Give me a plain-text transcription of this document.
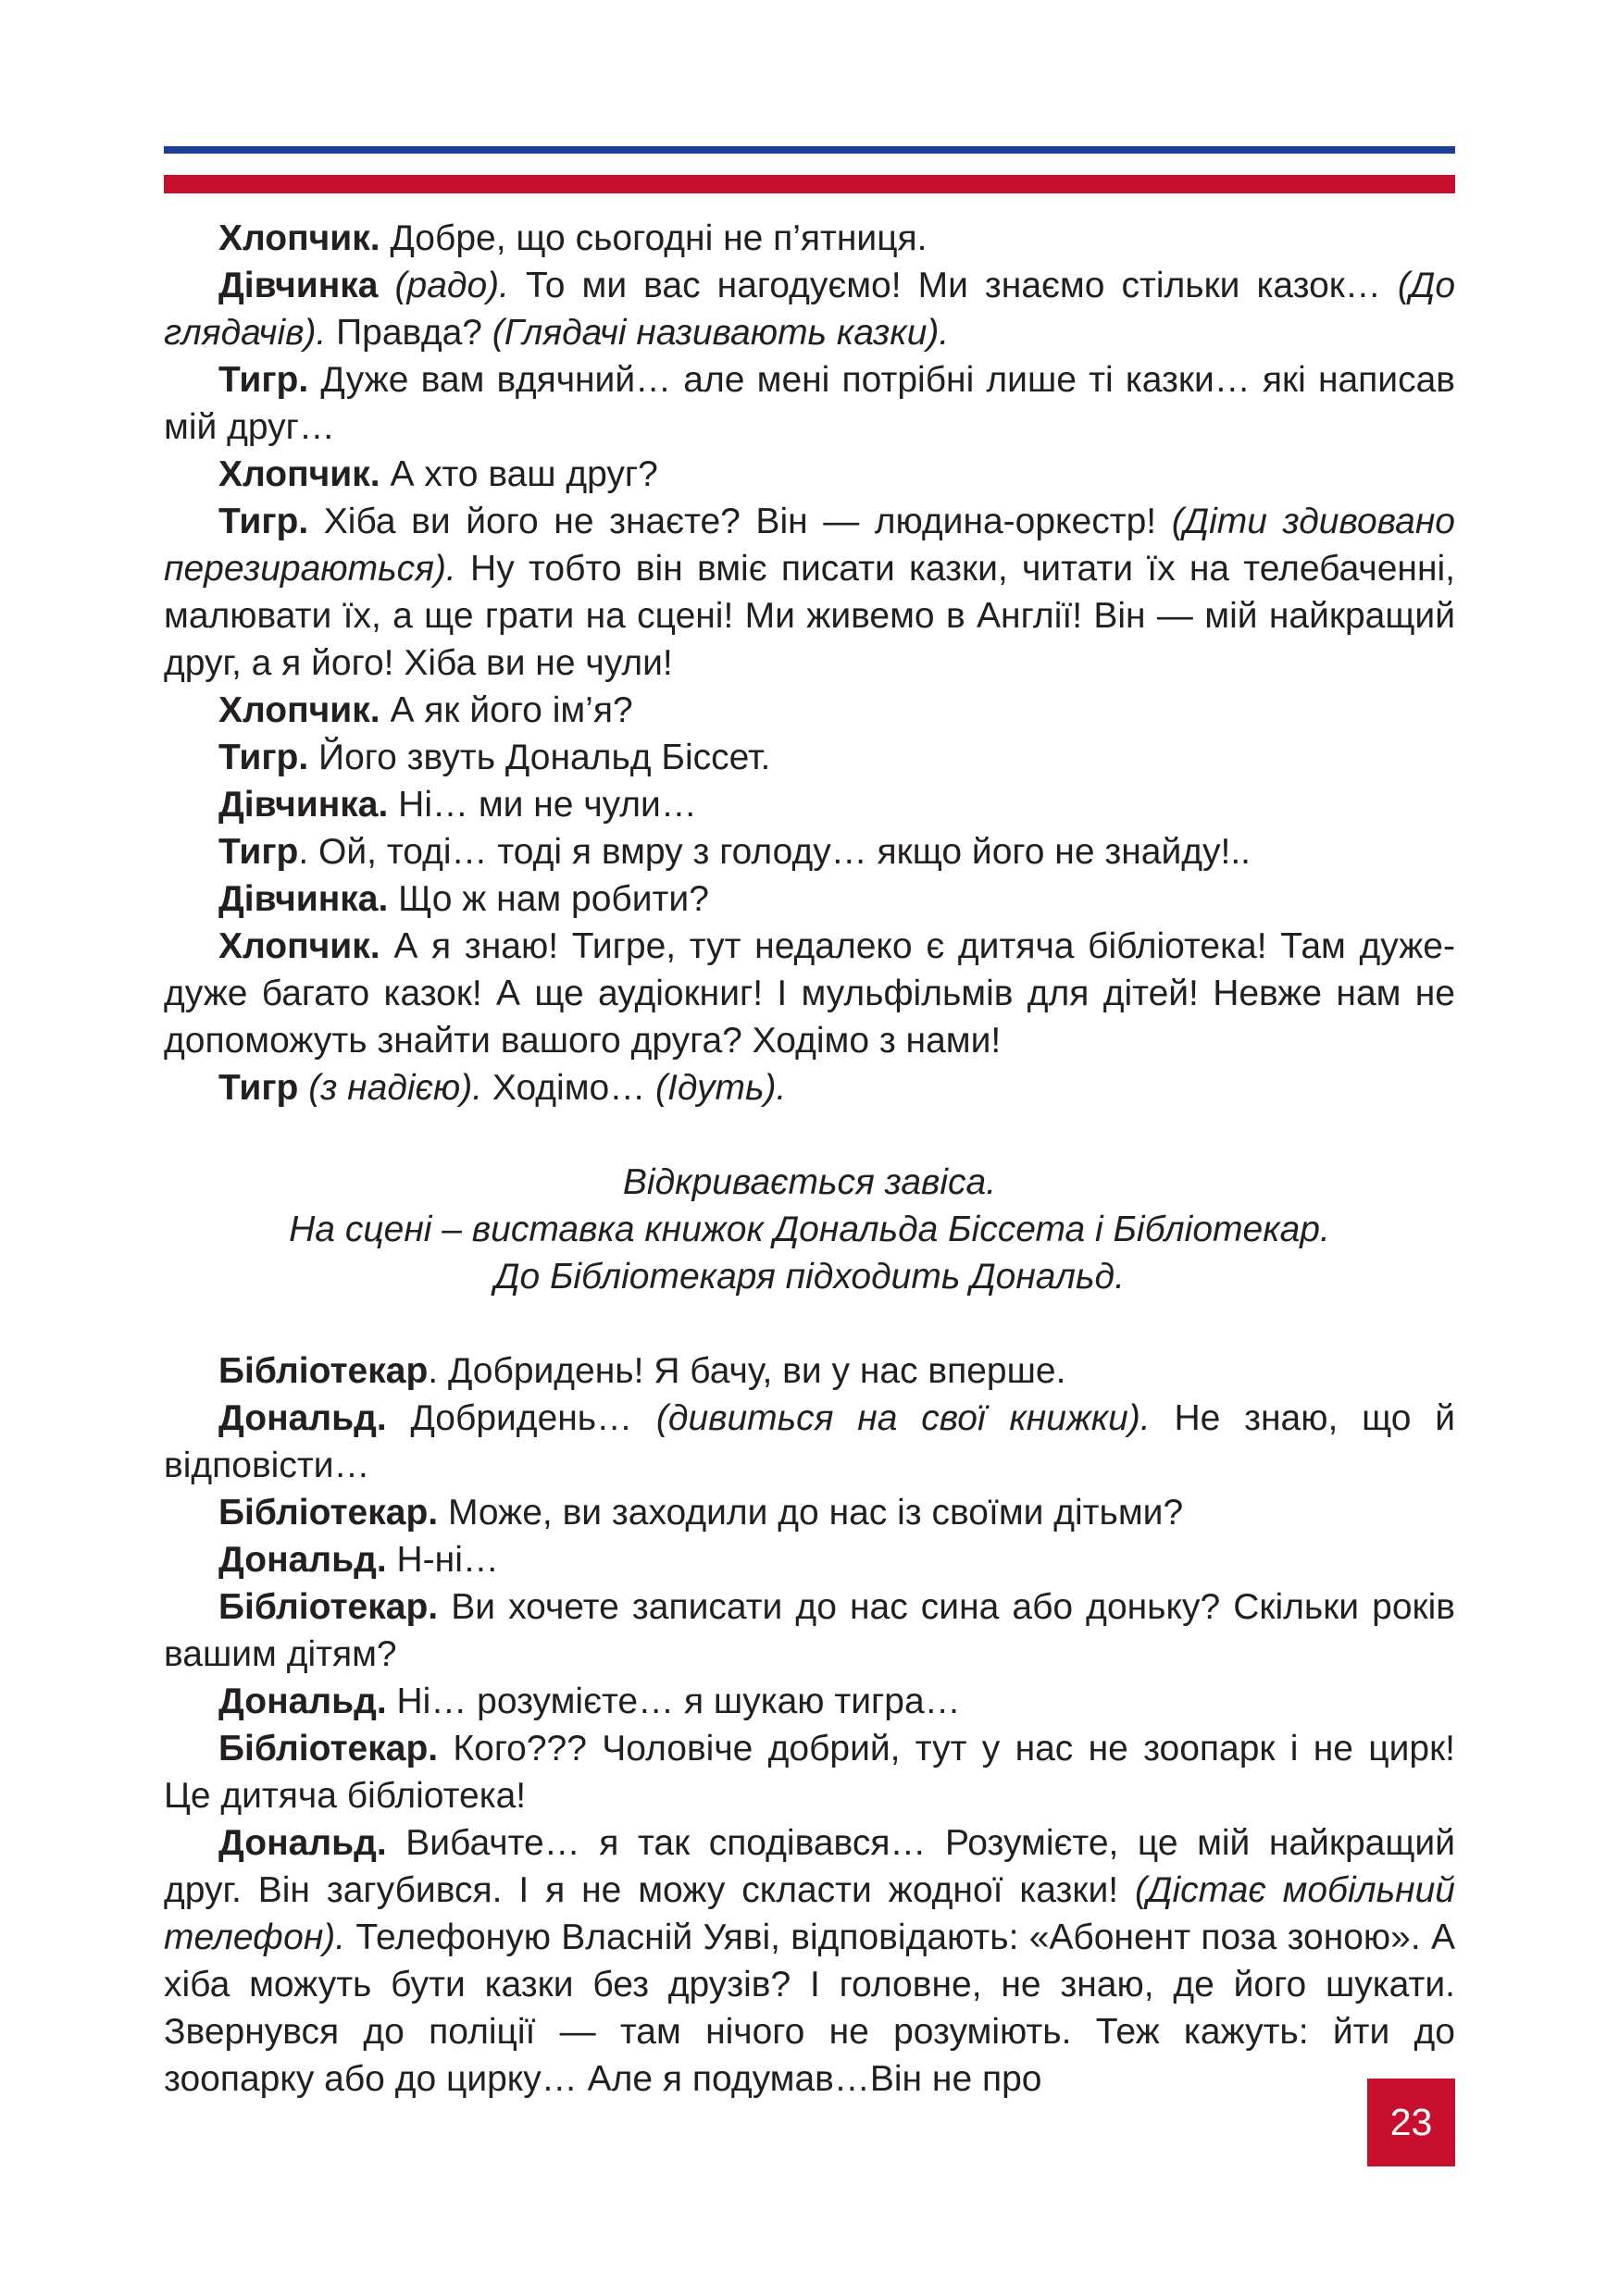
Хлопчик. Добре, що сьогодні не п’ятниця.

Дівчинка (радо). То ми вас нагодуємо! Ми знаємо стільки казок… (До глядачів). Правда? (Глядачі називають казки).

Тигр. Дуже вам вдячний… але мені потрібні лише ті казки… які написав мій друг…

Хлопчик. А хто ваш друг?

Тигр. Хіба ви його не знаєте? Він — людина-оркестр! (Діти здивовано перезираються). Ну тобто він вміє писати казки, читати їх на телебаченні, малювати їх, а ще грати на сцені! Ми живемо в Англії! Він — мій найкращий друг, а я його! Хіба ви не чули!

Хлопчик. А як його ім’я?

Тигр. Його звуть Дональд Біссет.

Дівчинка. Ні… ми не чули…

Тигр. Ой, тоді… тоді я вмру з голоду… якщо його не знайду!..

Дівчинка. Що ж нам робити?

Хлопчик. А я знаю! Тигре, тут недалеко є дитяча бібліотека! Там дуже-дуже багато казок! А ще аудіокниг! І мульфільмів для дітей! Невже нам не допоможуть знайти вашого друга? Ходімо з нами!

Тигр (з надією). Ходімо… (Ідуть).

Відкривається завіса.

На сцені – виставка книжок Дональда Біссета і Бібліотекар.

До Бібліотекаря підходить Дональд.

Бібліотекар. Добридень! Я бачу, ви у нас вперше.

Дональд. Добридень… (дивиться на свої книжки). Не знаю, що й відповісти…

Бібліотекар. Може, ви заходили до нас із своїми дітьми?

Дональд. Н-ні…

Бібліотекар. Ви хочете записати до нас сина або доньку? Скільки років вашим дітям?

Дональд. Ні… розумієте… я шукаю тигра…

Бібліотекар. Кого??? Чоловіче добрий, тут у нас не зоопарк і не цирк! Це дитяча бібліотека!

Дональд. Вибачте… я так сподівався… Розумієте, це мій найкращий друг. Він загубився. І я не можу скласти жодної казки! (Дістає мобільний телефон). Телефоную Власній Уяві, відповідають: «Абонент поза зоною». А хіба можуть бути казки без друзів? І головне, не знаю, де його шукати. Звернувся до поліції — там нічого не розуміють. Теж кажуть: йти до зоопарку або до цирку… Але я подумав…Він не про

23
